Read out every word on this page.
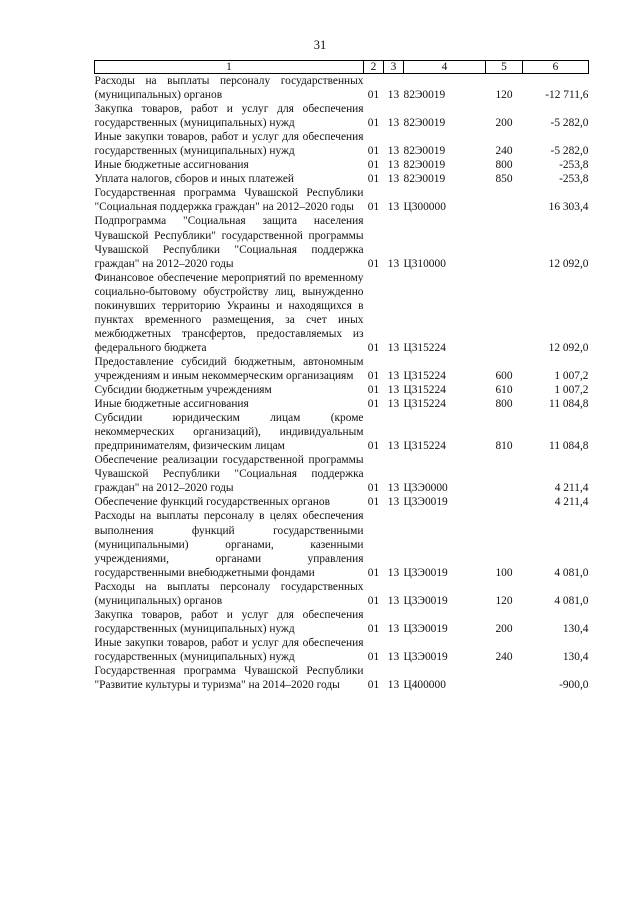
31
1	2	3	4	5	6
Расходы на выплаты персоналу государственных (муниципальных) органов	01	13	82Э0019	120	-12 711,6
Закупка товаров, работ и услуг для обеспечения государственных (муниципальных) нужд	01	13	82Э0019	200	-5 282,0
Иные закупки товаров, работ и услуг для обеспечения государственных (муниципальных) нужд	01	13	82Э0019	240	-5 282,0
Иные бюджетные ассигнования	01	13	82Э0019	800	-253,8
Уплата налогов, сборов и иных платежей	01	13	82Э0019	850	-253,8
Государственная программа Чувашской Республики "Социальная поддержка граждан" на 2012–2020 годы	01	13	Ц300000		16 303,4
Подпрограмма "Социальная защита населения Чувашской Республики" государственной программы Чувашской Республики "Социальная поддержка граждан" на 2012–2020 годы	01	13	Ц310000		12 092,0
Финансовое обеспечение мероприятий по временному социально-бытовому обустройству лиц, вынужденно покинувших территорию Украины и находящихся в пунктах временного размещения, за счет иных межбюджетных трансфертов, предоставляемых из федерального бюджета	01	13	Ц315224		12 092,0
Предоставление субсидий бюджетным, автономным учреждениям и иным некоммерческим организациям	01	13	Ц315224	600	1 007,2
Субсидии бюджетным учреждениям	01	13	Ц315224	610	1 007,2
Иные бюджетные ассигнования	01	13	Ц315224	800	11 084,8
Субсидии юридическим лицам (кроме некоммерческих организаций), индивидуальным предпринимателям, физическим лицам	01	13	Ц315224	810	11 084,8
Обеспечение реализации государственной программы Чувашской Республики "Социальная поддержка граждан" на 2012–2020 годы	01	13	Ц3Э0000		4 211,4
Обеспечение функций государственных органов	01	13	Ц3Э0019		4 211,4
Расходы на выплаты персоналу в целях обеспечения выполнения функций государственными (муниципальными) органами, казенными учреждениями, органами управления государственными внебюджетными фондами	01	13	Ц3Э0019	100	4 081,0
Расходы на выплаты персоналу государственных (муниципальных) органов	01	13	Ц3Э0019	120	4 081,0
Закупка товаров, работ и услуг для обеспечения государственных (муниципальных) нужд	01	13	Ц3Э0019	200	130,4
Иные закупки товаров, работ и услуг для обеспечения государственных (муниципальных) нужд	01	13	Ц3Э0019	240	130,4
Государственная программа Чувашской Республики "Развитие культуры и туризма" на 2014–2020 годы	01	13	Ц400000		-900,0
